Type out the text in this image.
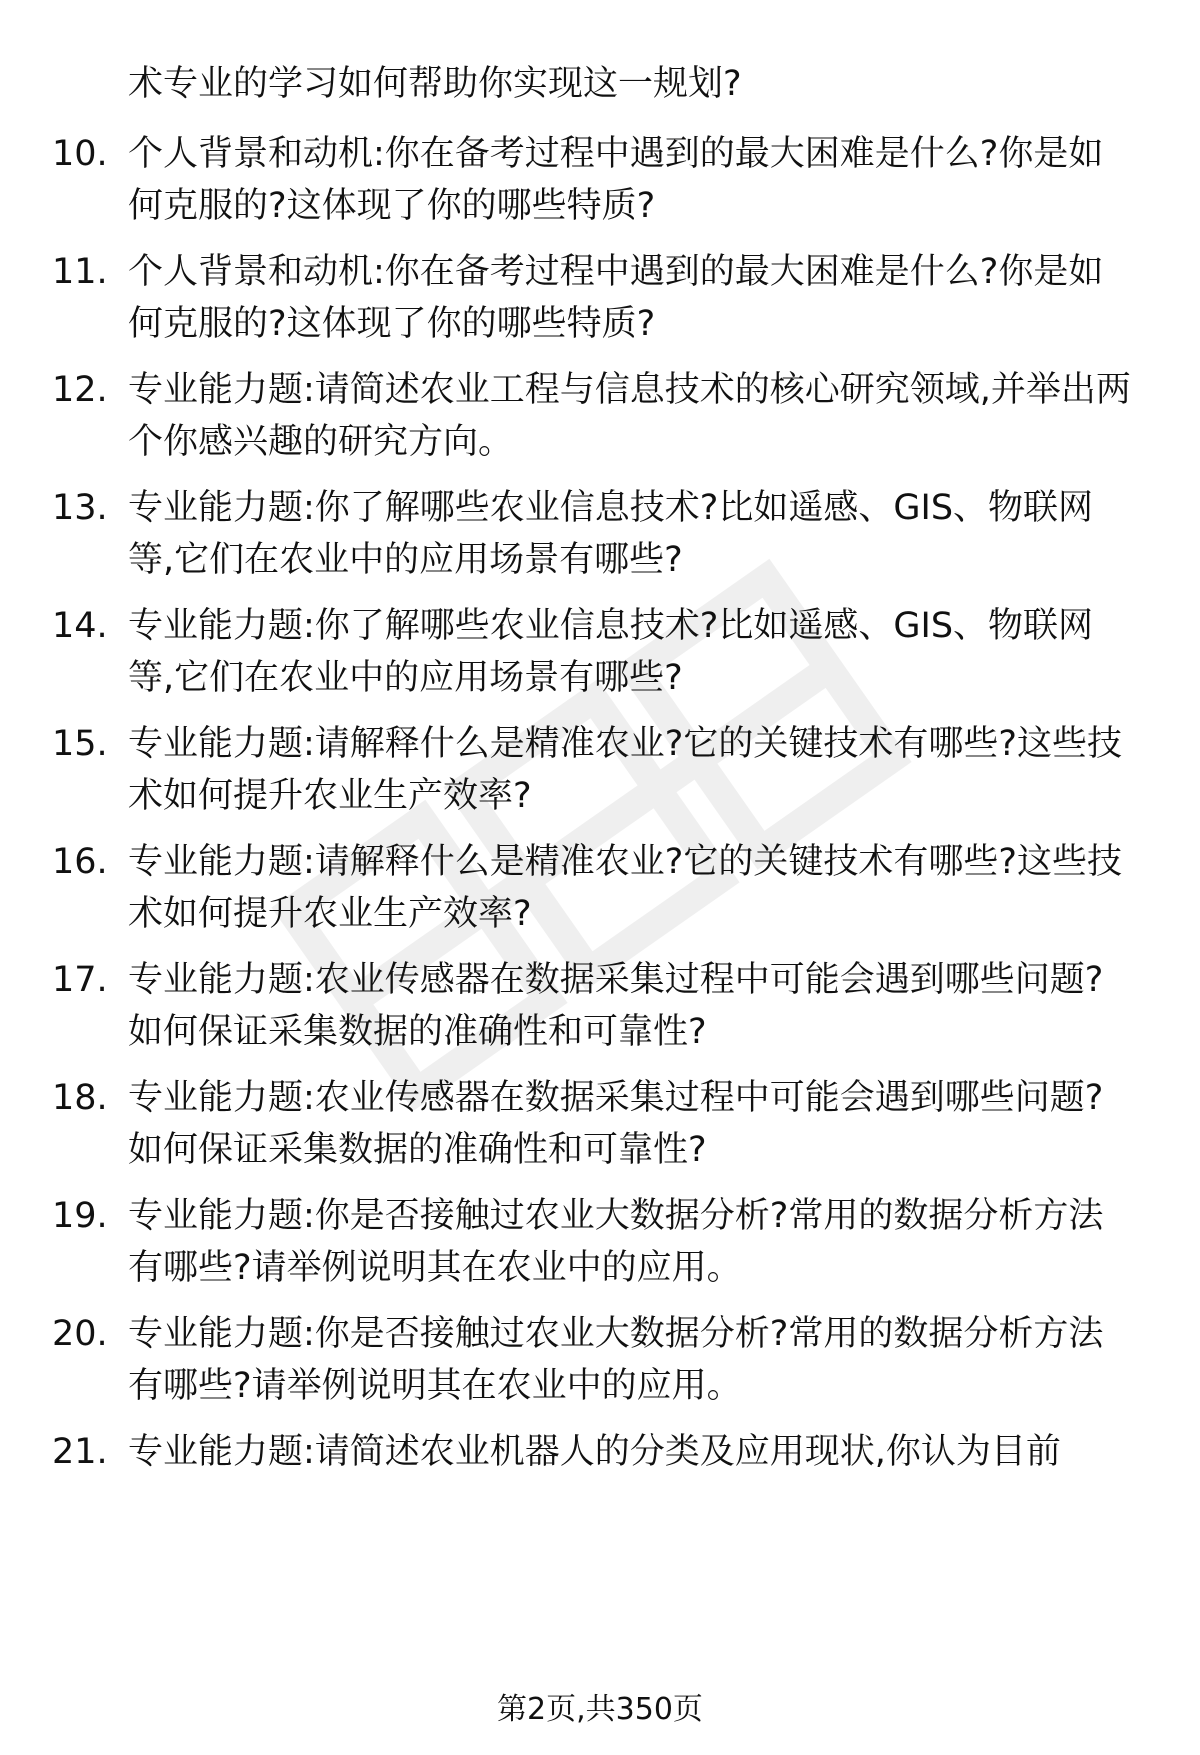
术专业的学习如何帮助你实现这一规划?
10. 个人背景和动机:你在备考过程中遇到的最大困难是什么?你是如何克服的?这体现了你的哪些特质?
11. 个人背景和动机:你在备考过程中遇到的最大困难是什么?你是如何克服的?这体现了你的哪些特质?
12. 专业能力题:请简述农业工程与信息技术的核心研究领域,并举出两个你感兴趣的研究方向。
13. 专业能力题:你了解哪些农业信息技术?比如遥感、GIS、物联网等,它们在农业中的应用场景有哪些?
14. 专业能力题:你了解哪些农业信息技术?比如遥感、GIS、物联网等,它们在农业中的应用场景有哪些?
15. 专业能力题:请解释什么是精准农业?它的关键技术有哪些?这些技术如何提升农业生产效率?
16. 专业能力题:请解释什么是精准农业?它的关键技术有哪些?这些技术如何提升农业生产效率?
17. 专业能力题:农业传感器在数据采集过程中可能会遇到哪些问题?如何保证采集数据的准确性和可靠性?
18. 专业能力题:农业传感器在数据采集过程中可能会遇到哪些问题?如何保证采集数据的准确性和可靠性?
19. 专业能力题:你是否接触过农业大数据分析?常用的数据分析方法有哪些?请举例说明其在农业中的应用。
20. 专业能力题:你是否接触过农业大数据分析?常用的数据分析方法有哪些?请举例说明其在农业中的应用。
21. 专业能力题:请简述农业机器人的分类及应用现状,你认为目前
第2页,共350页
